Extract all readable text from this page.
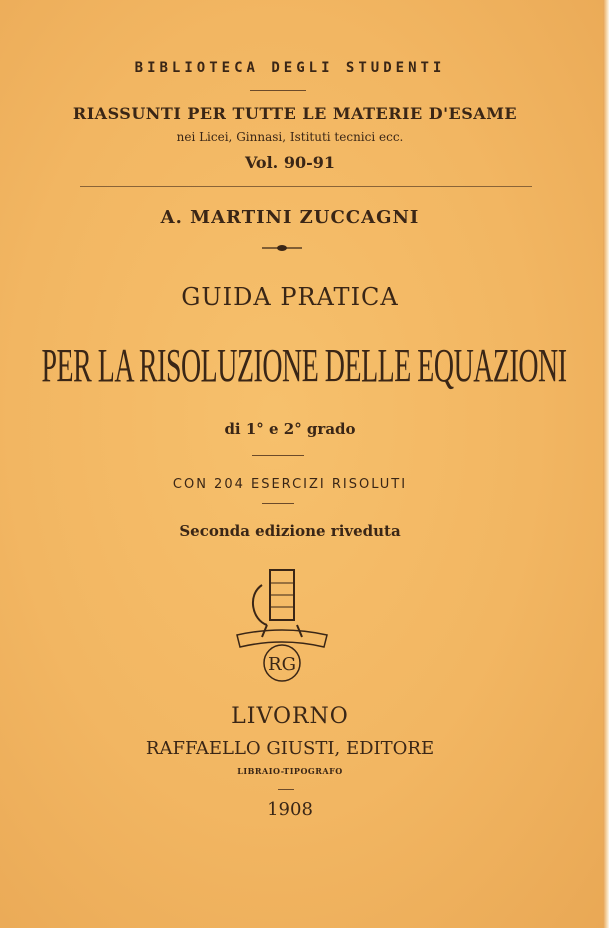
BIBLIOTECA DEGLI STUDENTI
RIASSUNTI PER TUTTE LE MATERIE D'ESAME
nei Licei, Ginnasi, Istituti tecnici ecc.
Vol. 90-91
A. MARTINI ZUCCAGNI
GUIDA PRATICA
PER LA RISOLUZIONE DELLE EQUAZIONI
di 1° e 2° grado
CON 204 ESERCIZI RISOLUTI
Seconda edizione riveduta
RG
LIVORNO
RAFFAELLO GIUSTI, EDITORE
LIBRAIO-TIPOGRAFO
1908
